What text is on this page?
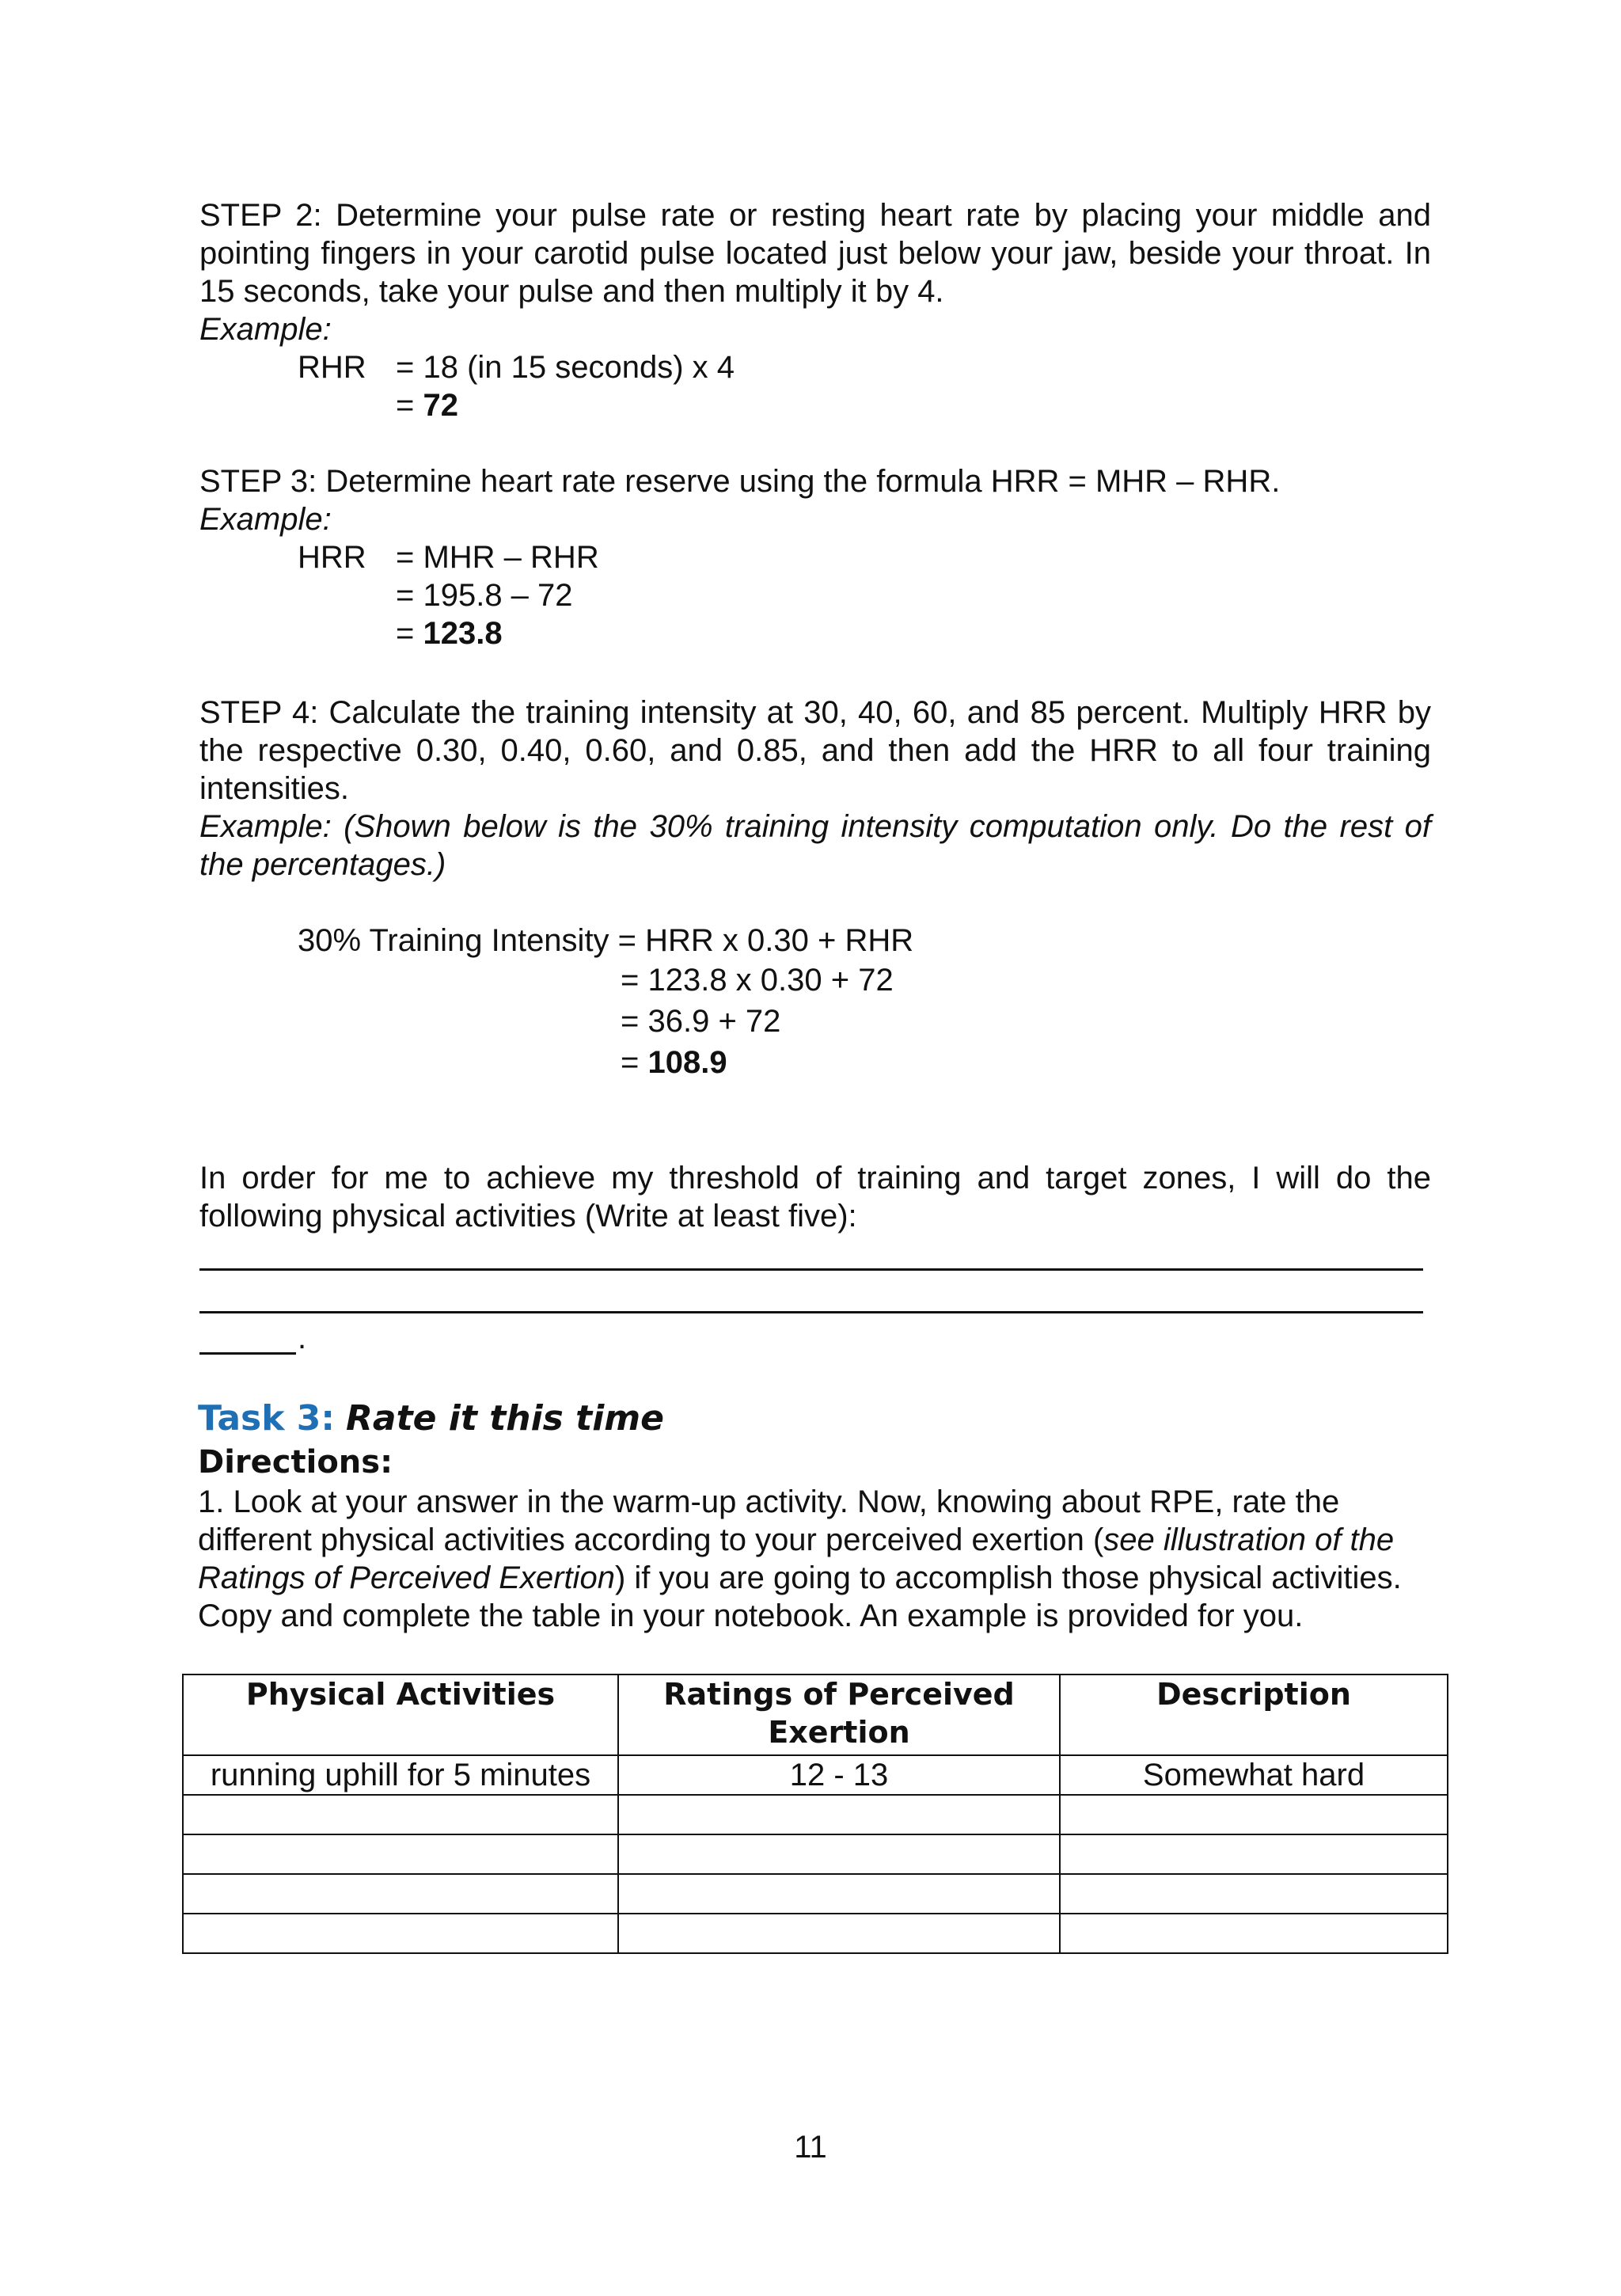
STEP 2: Determine your pulse rate or resting heart rate by placing your middle and pointing fingers in your carotid pulse located just below your jaw, beside your throat. In 15 seconds, take your pulse and then multiply it by 4.

Example:
RHR = 18 (in 15 seconds) x 4
= 72

STEP 3: Determine heart rate reserve using the formula HRR = MHR – RHR.

Example:
HRR = MHR – RHR
= 195.8 – 72
= 123.8

STEP 4: Calculate the training intensity at 30, 40, 60, and 85 percent. Multiply HRR by the respective 0.30, 0.40, 0.60, and 0.85, and then add the HRR to all four training intensities.

Example: (Shown below is the 30% training intensity computation only. Do the rest of the percentages.)

30% Training Intensity = HRR x 0.30 + RHR
= 123.8 x 0.30 + 72
= 36.9 + 72
= 108.9

In order for me to achieve my threshold of training and target zones, I will do the following physical activities (Write at least five):

.
Task 3: Rate it this time
Directions:

1. Look at your answer in the warm-up activity. Now, knowing about RPE, rate the different physical activities according to your perceived exertion (see illustration of the Ratings of Perceived Exertion) if you are going to accomplish those physical activities. Copy and complete the table in your notebook. An example is provided for you.

Physical Activities	Ratings of Perceived Exertion	Description
running uphill for 5 minutes	12 - 13	Somewhat hard

11
